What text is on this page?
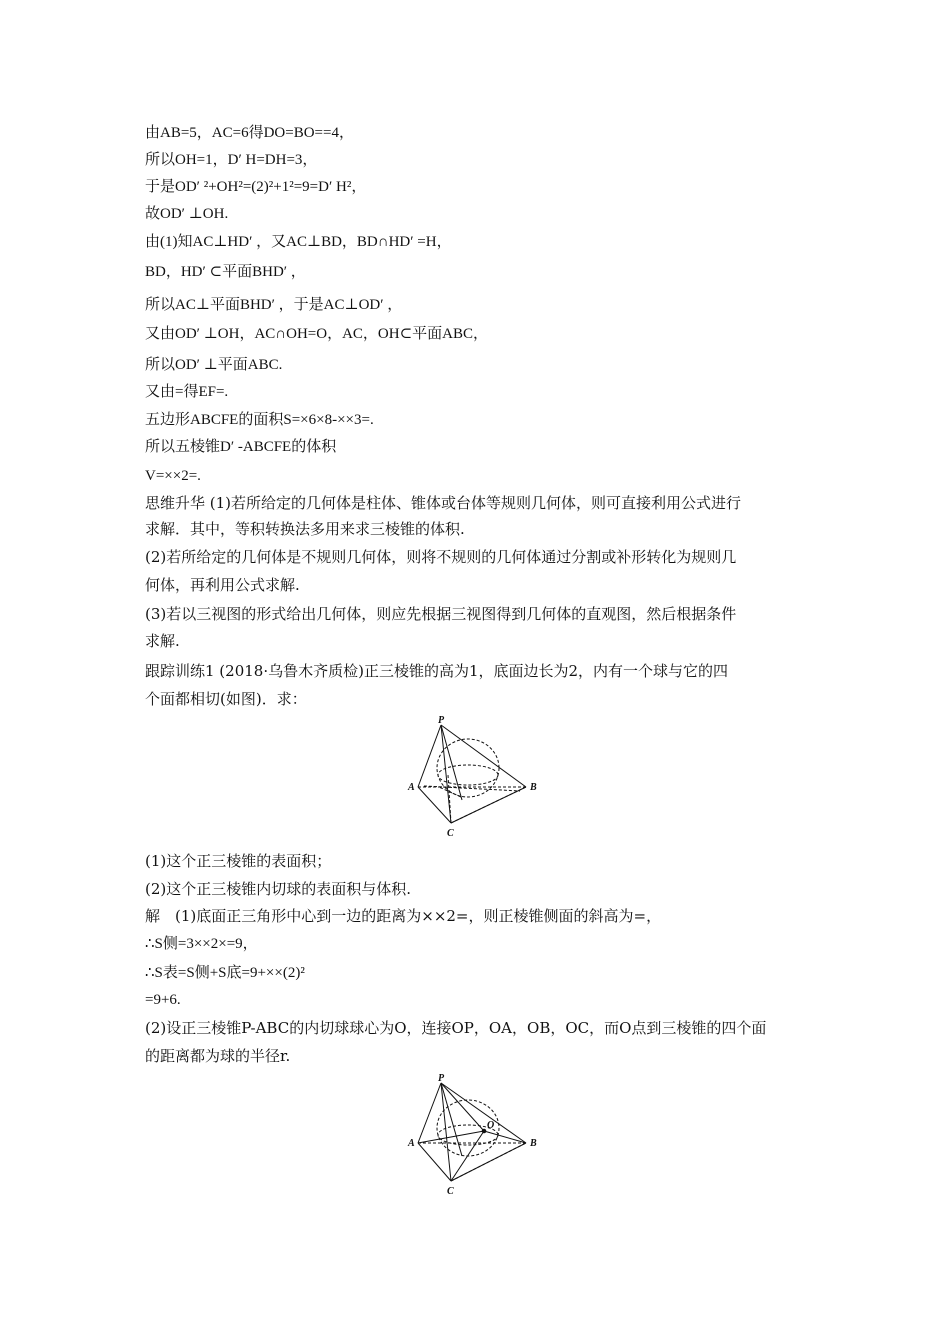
由AB=5，AC=6得DO=BO==4，
所以OH=1，D′ H=DH=3，
于是OD′ ²+OH²=(2)²+1²=9=D′ H²，
故OD′ ⊥OH.
由(1)知AC⊥HD′ ，又AC⊥BD，BD∩HD′ =H，
BD，HD′ ⊂平面BHD′ ，
所以AC⊥平面BHD′ ，于是AC⊥OD′ ，
又由OD′ ⊥OH，AC∩OH=O，AC，OH⊂平面ABC，
所以OD′ ⊥平面ABC.
又由=得EF=.
五边形ABCFE的面积S=×6×8-××3=.
所以五棱锥D′ -ABCFE的体积
V=××2=.
思维升华 (1)若所给定的几何体是柱体、锥体或台体等规则几何体，则可直接利用公式进行
求解．其中，等积转换法多用来求三棱锥的体积.
(2)若所给定的几何体是不规则几何体，则将不规则的几何体通过分割或补形转化为规则几
何体，再利用公式求解.
(3)若以三视图的形式给出几何体，则应先根据三视图得到几何体的直观图，然后根据条件
求解.
跟踪训练1 (2018·乌鲁木齐质检)正三棱锥的高为1，底面边长为2，内有一个球与它的四
个面都相切(如图)．求：
P
A	B
C
(1)这个正三棱锥的表面积；
(2)这个正三棱锥内切球的表面积与体积.
解　(1)底面正三角形中心到一边的距离为××2=，则正棱锥侧面的斜高为=，
∴S侧=3××2×=9，
∴S表=S侧+S底=9+××(2)²
=9+6.
(2)设正三棱锥P-ABC的内切球球心为O，连接OP，OA，OB，OC，而O点到三棱锥的四个面
的距离都为球的半径r.
P
A	B
C
O
